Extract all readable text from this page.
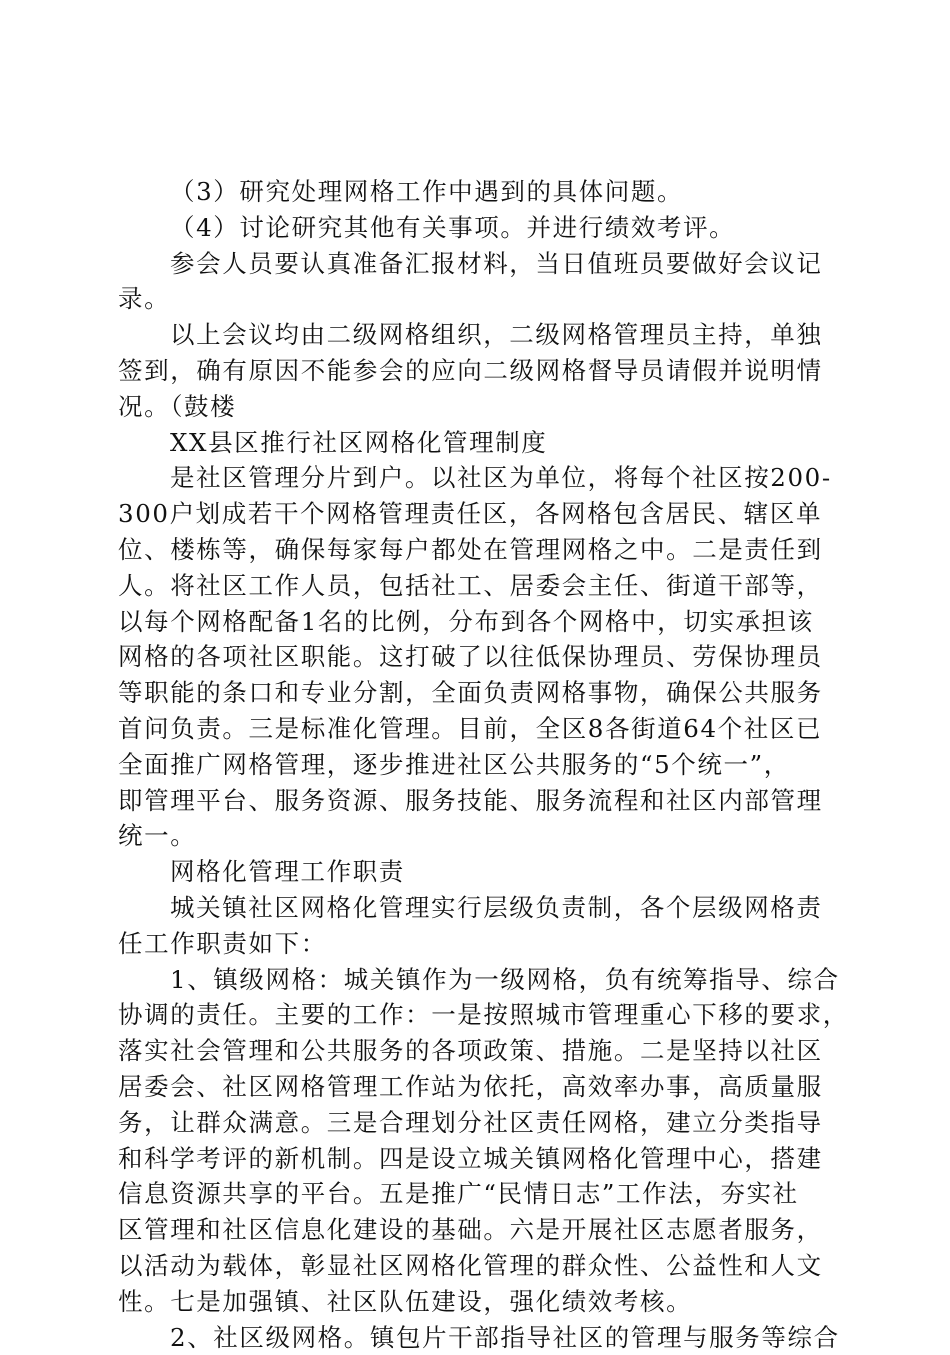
（3）研究处理网格工作中遇到的具体问题。
（4）讨论研究其他有关事项。并进行绩效考评。
参会人员要认真准备汇报材料，当日值班员要做好会议记
录。
以上会议均由二级网格组织，二级网格管理员主持，单独
签到，确有原因不能参会的应向二级网格督导员请假并说明情
况。（鼓楼
XX县区推行社区网格化管理制度
是社区管理分片到户。以社区为单位，将每个社区按200-
300户划成若干个网格管理责任区，各网格包含居民、辖区单
位、楼栋等，确保每家每户都处在管理网格之中。二是责任到
人。将社区工作人员，包括社工、居委会主任、街道干部等，
以每个网格配备1名的比例，分布到各个网格中，切实承担该
网格的各项社区职能。这打破了以往低保协理员、劳保协理员
等职能的条口和专业分割，全面负责网格事物，确保公共服务
首问负责。三是标准化管理。目前，全区8各街道64个社区已
全面推广网格管理，逐步推进社区公共服务的“5个统一”，
即管理平台、服务资源、服务技能、服务流程和社区内部管理
统一。
网格化管理工作职责
城关镇社区网格化管理实行层级负责制，各个层级网格责
任工作职责如下：
1、镇级网格：城关镇作为一级网格，负有统筹指导、综合
协调的责任。主要的工作：一是按照城市管理重心下移的要求，
落实社会管理和公共服务的各项政策、措施。二是坚持以社区
居委会、社区网格管理工作站为依托，高效率办事，高质量服
务，让群众满意。三是合理划分社区责任网格，建立分类指导
和科学考评的新机制。四是设立城关镇网格化管理中心，搭建
信息资源共享的平台。五是推广“民情日志”工作法，夯实社
区管理和社区信息化建设的基础。六是开展社区志愿者服务，
以活动为载体，彰显社区网格化管理的群众性、公益性和人文
性。七是加强镇、社区队伍建设，强化绩效考核。
2、社区级网格。镇包片干部指导社区的管理与服务等综合
